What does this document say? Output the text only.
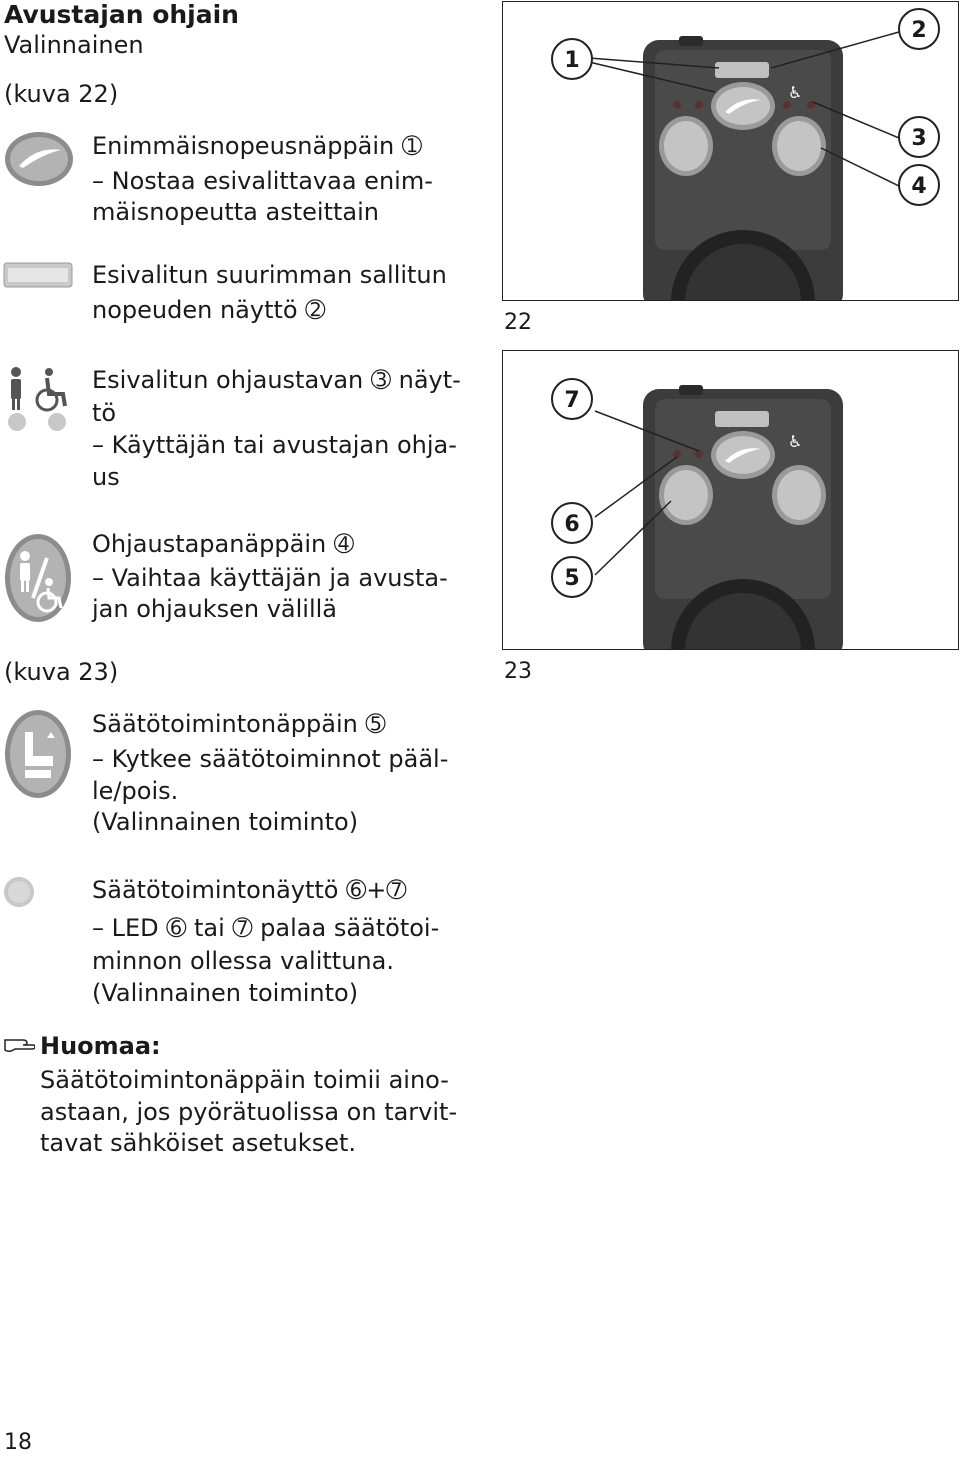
Avustajan ohjain
Valinnainen
(kuva 22)
Enimmäisnopeusnäppäin ➀
– Nostaa esivalittavaa enim-
mäisnopeutta asteittain
Esivalitun suurimman sallitun
nopeuden näyttö ➁
Esivalitun ohjaustavan ➂ näyt-
tö
– Käyttäjän tai avustajan ohja-
us
Ohjaustapanäppäin ➃
– Vaihtaa käyttäjän ja avusta-
jan ohjauksen välillä
(kuva 23)
Säätötoimintonäppäin ➄
– Kytkee säätötoiminnot pääl-
le/pois.
(Valinnainen toiminto)
Säätötoimintonäyttö ➅+➆
– LED ➅ tai ➆ palaa säätötoi-
minnon ollessa valittuna.
(Valinnainen toiminto)
Huomaa:
Säätötoimintonäppäin toimii aino-
astaan, jos pyörätuolissa on tarvit-
tavat sähköiset asetukset.
♿
1
2
3
4
22
♿
7
6
5
23
18
